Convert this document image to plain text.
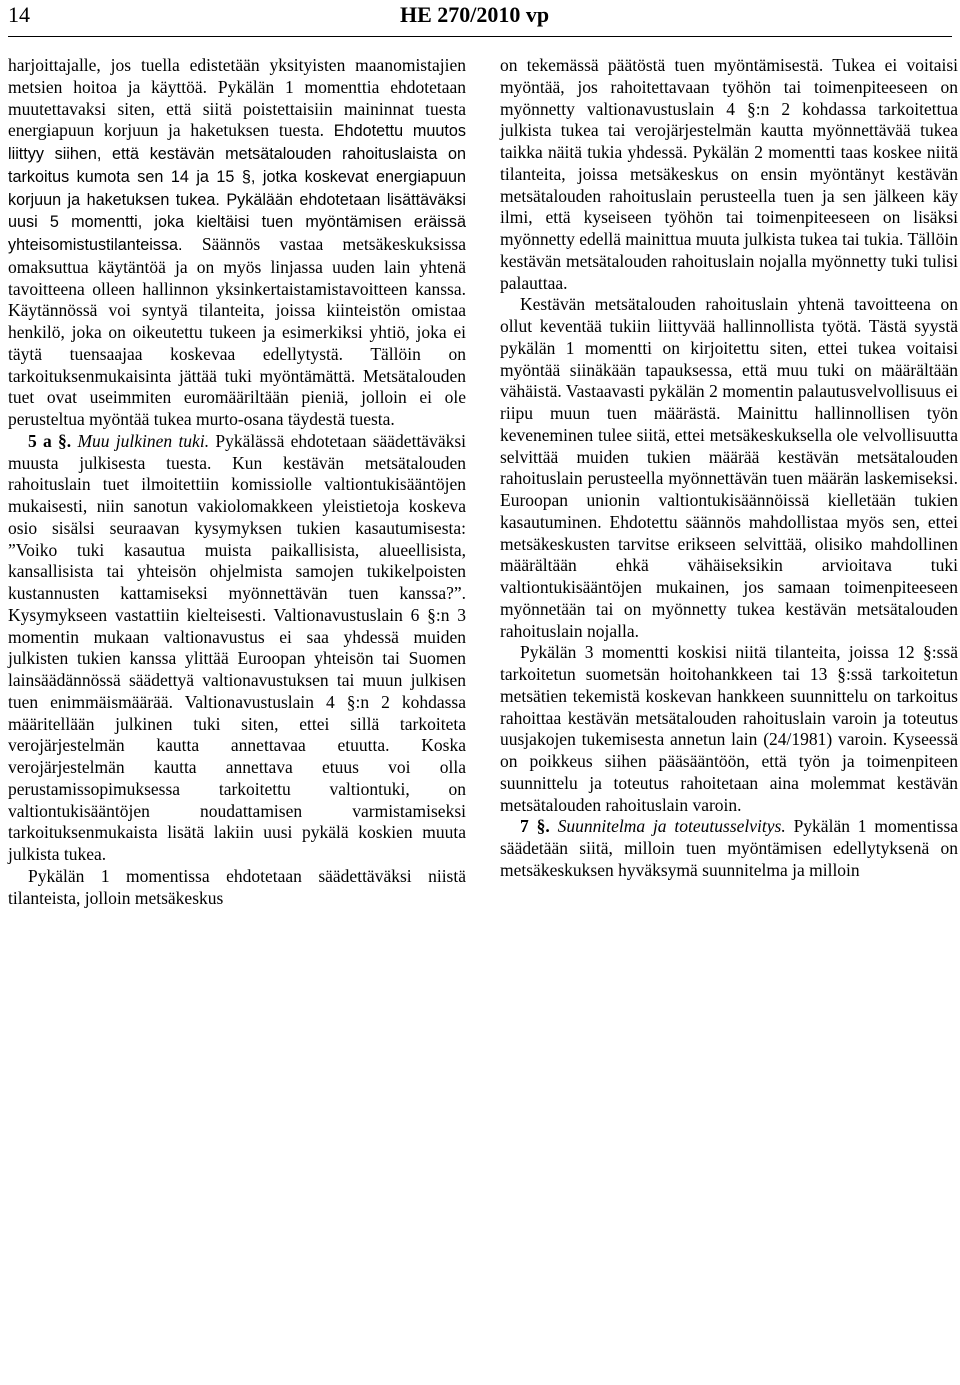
14	HE 270/2010 vp

harjoittajalle, jos tuella edistetään yksityisten maanomistajien metsien hoitoa ja käyttöä. Pykälän 1 momenttia ehdotetaan muutettavaksi siten, että siitä poistettaisiin maininnat tuesta energiapuun korjuun ja haketuksen tuesta. Ehdotettu muutos liittyy siihen, että kestävän metsätalouden rahoituslaista on tarkoitus kumota sen 14 ja 15 §, jotka koskevat energiapuun korjuun ja haketuksen tukea. Pykälään ehdotetaan lisättäväksi uusi 5 momentti, joka kieltäisi tuen myöntämisen eräissä yhteisomistustilanteissa. Säännös vastaa metsäkeskuksissa omaksuttua käytäntöä ja on myös linjassa uuden lain yhtenä tavoitteena olleen hallinnon yksinkertaistamistavoitteen kanssa. Käytännössä voi syntyä tilanteita, joissa kiinteistön omistaa henkilö, joka on oikeutettu tukeen ja esimerkiksi yhtiö, joka ei täytä tuensaajaa koskevaa edellytystä. Tällöin on tarkoituksenmukaisinta jättää tuki myöntämättä. Metsätalouden tuet ovat useimmiten euromääriltään pieniä, jolloin ei ole perusteltua myöntää tukea murto-osana täydestä tuesta.

5 a §. Muu julkinen tuki. Pykälässä ehdotetaan säädettäväksi muusta julkisesta tuesta. Kun kestävän metsätalouden rahoituslain tuet ilmoitettiin komissiolle valtiontukisääntöjen mukaisesti, niin sanotun vakiolomakkeen yleistietoja koskeva osio sisälsi seuraavan kysymyksen tukien kasautumisesta: ”Voiko tuki kasautua muista paikallisista, alueellisista, kansallisista tai yhteisön ohjelmista samojen tukikelpoisten kustannusten kattamiseksi myönnettävän tuen kanssa?”. Kysymykseen vastattiin kielteisesti. Valtionavustuslain 6 §:n 3 momentin mukaan valtionavustus ei saa yhdessä muiden julkisten tukien kanssa ylittää Euroopan yhteisön tai Suomen lainsäädännössä säädettyä valtionavustuksen tai muun julkisen tuen enimmäismäärää. Valtionavustuslain 4 §:n 2 kohdassa määritellään julkinen tuki siten, ettei sillä tarkoiteta verojärjestelmän kautta annettavaa etuutta. Koska verojärjestelmän kautta annettava etuus voi olla perustamissopimuksessa tarkoitettu valtiontuki, on valtiontukisääntöjen noudattamisen varmistamiseksi tarkoituksenmukaista lisätä lakiin uusi pykälä koskien muuta julkista tukea.

Pykälän 1 momentissa ehdotetaan säädettäväksi niistä tilanteista, jolloin metsäkeskus

on tekemässä päätöstä tuen myöntämisestä. Tukea ei voitaisi myöntää, jos rahoitettavaan työhön tai toimenpiteeseen on myönnetty valtionavustuslain 4 §:n 2 kohdassa tarkoitettua julkista tukea tai verojärjestelmän kautta myönnettävää tukea taikka näitä tukia yhdessä. Pykälän 2 momentti taas koskee niitä tilanteita, joissa metsäkeskus on ensin myöntänyt kestävän metsätalouden rahoituslain perusteella tuen ja sen jälkeen käy ilmi, että kyseiseen työhön tai toimenpiteeseen on lisäksi myönnetty edellä mainittua muuta julkista tukea tai tukia. Tällöin kestävän metsätalouden rahoituslain nojalla myönnetty tuki tulisi palauttaa.

Kestävän metsätalouden rahoituslain yhtenä tavoitteena on ollut keventää tukiin liittyvää hallinnollista työtä. Tästä syystä pykälän 1 momentti on kirjoitettu siten, ettei tukea voitaisi myöntää siinäkään tapauksessa, että muu tuki on määrältään vähäistä. Vastaavasti pykälän 2 momentin palautusvelvollisuus ei riipu muun tuen määrästä. Mainittu hallinnollisen työn keveneminen tulee siitä, ettei metsäkeskuksella ole velvollisuutta selvittää muiden tukien määrää kestävän metsätalouden rahoituslain perusteella myönnettävän tuen määrän laskemiseksi. Euroopan unionin valtiontukisäännöissä kielletään tukien kasautuminen. Ehdotettu säännös mahdollistaa myös sen, ettei metsäkeskusten tarvitse erikseen selvittää, olisiko mahdollinen määrältään ehkä vähäiseksikin arvioitava tuki valtiontukisääntöjen mukainen, jos samaan toimenpiteeseen myönnetään tai on myönnetty tukea kestävän metsätalouden rahoituslain nojalla.

Pykälän 3 momentti koskisi niitä tilanteita, joissa 12 §:ssä tarkoitetun suometsän hoitohankkeen tai 13 §:ssä tarkoitetun metsätien tekemistä koskevan hankkeen suunnittelu on tarkoitus rahoittaa kestävän metsätalouden rahoituslain varoin ja toteutus uusjakojen tukemisesta annetun lain (24/1981) varoin. Kyseessä on poikkeus siihen pääsääntöön, että työn ja toimenpiteen suunnittelu ja toteutus rahoitetaan aina molemmat kestävän metsätalouden rahoituslain varoin.

7 §. Suunnitelma ja toteutusselvitys. Pykälän 1 momentissa säädetään siitä, milloin tuen myöntämisen edellytyksenä on metsäkeskuksen hyväksymä suunnitelma ja milloin
